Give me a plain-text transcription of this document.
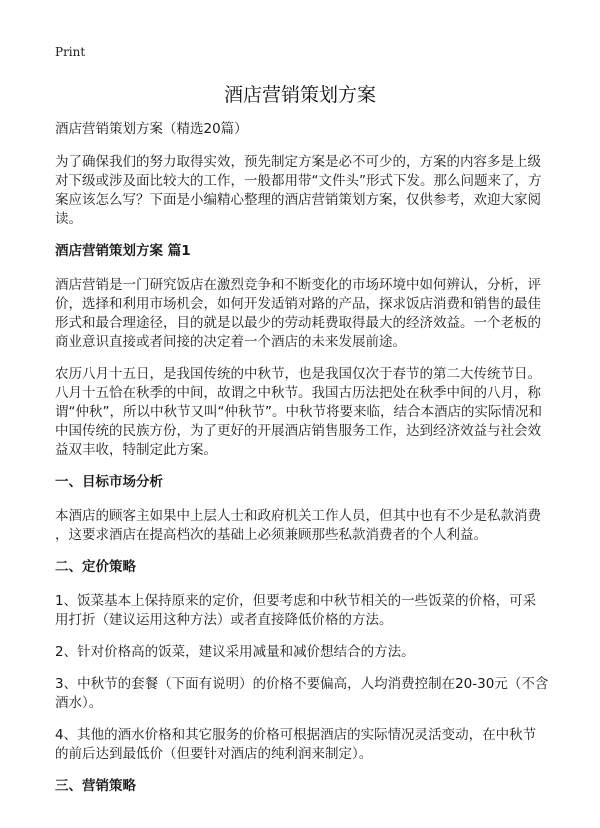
Print
酒店营销策划方案

酒店营销策划方案（精选20篇）

为了确保我们的努力取得实效，预先制定方案是必不可少的，方案的内容多是上级

对下级或涉及面比较大的工作，一般都用带“文件头”形式下发。那么问题来了，方

案应该怎么写？下面是小编精心整理的酒店营销策划方案，仅供参考，欢迎大家阅

读。

酒店营销策划方案 篇1

酒店营销是一门研究饭店在激烈竞争和不断变化的市场环境中如何辨认，分析，评

价，选择和利用市场机会，如何开发适销对路的产品，探求饭店消费和销售的最佳

形式和最合理途径，目的就是以最少的劳动耗费取得最大的经济效益。一个老板的

商业意识直接或者间接的决定着一个酒店的未来发展前途。

农历八月十五日，是我国传统的中秋节，也是我国仅次于春节的第二大传统节日。

八月十五恰在秋季的中间，故谓之中秋节。我国古历法把处在秋季中间的八月，称

谓“仲秋”，所以中秋节又叫“仲秋节”。中秋节将要来临，结合本酒店的实际情况和

中国传统的民族方份，为了更好的开展酒店销售服务工作，达到经济效益与社会效

益双丰收，特制定此方案。

一、目标市场分析

本酒店的顾客主如果中上层人士和政府机关工作人员，但其中也有不少是私款消费

，这要求酒店在提高档次的基础上必须兼顾那些私款消费者的个人利益。

二、定价策略

1、饭菜基本上保持原来的定价，但要考虑和中秋节相关的一些饭菜的价格，可采

用打折（建议运用这种方法）或者直接降低价格的方法。

2、针对价格高的饭菜，建议采用减量和减价想结合的方法。

3、中秋节的套餐（下面有说明）的价格不要偏高，人均消费控制在20-30元（不含

酒水）。

4、其他的酒水价格和其它服务的价格可根据酒店的实际情况灵活变动，在中秋节

的前后达到最低价（但要针对酒店的纯利润来制定）。

三、营销策略
